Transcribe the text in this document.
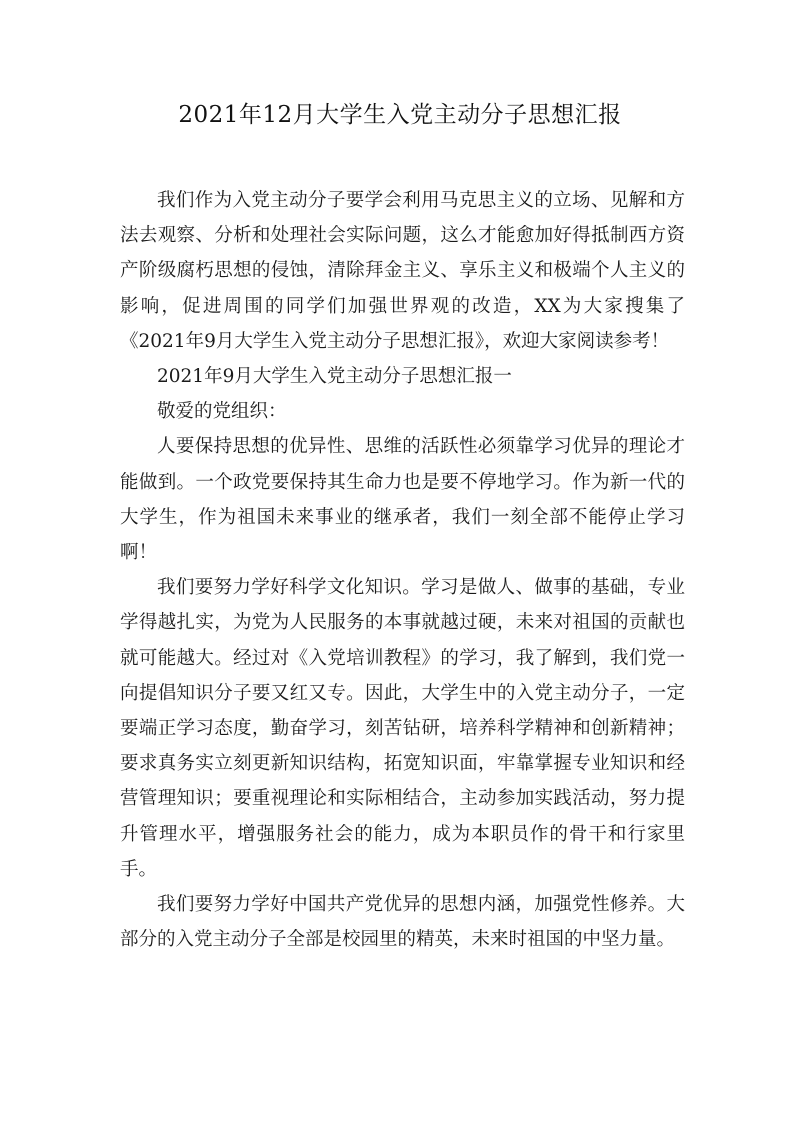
2021年12月大学生入党主动分子思想汇报

我们作为入党主动分子要学会利用马克思主义的立场、见解和方法去观察、分析和处理社会实际问题，这么才能愈加好得抵制西方资产阶级腐朽思想的侵蚀，清除拜金主义、享乐主义和极端个人主义的影响，促进周围的同学们加强世界观的改造，XX为大家搜集了《2021年9月大学生入党主动分子思想汇报》，欢迎大家阅读参考！

2021年9月大学生入党主动分子思想汇报一

敬爱的党组织：

人要保持思想的优异性、思维的活跃性必须靠学习优异的理论才能做到。一个政党要保持其生命力也是要不停地学习。作为新一代的大学生，作为祖国未来事业的继承者，我们一刻全部不能停止学习啊！

我们要努力学好科学文化知识。学习是做人、做事的基础，专业学得越扎实，为党为人民服务的本事就越过硬，未来对祖国的贡献也就可能越大。经过对《入党培训教程》的学习，我了解到，我们党一向提倡知识分子要又红又专。因此，大学生中的入党主动分子，一定要端正学习态度，勤奋学习，刻苦钻研，培养科学精神和创新精神；要求真务实立刻更新知识结构，拓宽知识面，牢靠掌握专业知识和经营管理知识；要重视理论和实际相结合，主动参加实践活动，努力提升管理水平，增强服务社会的能力，成为本职员作的骨干和行家里手。

我们要努力学好中国共产党优异的思想内涵，加强党性修养。大部分的入党主动分子全部是校园里的精英，未来时祖国的中坚力量。
